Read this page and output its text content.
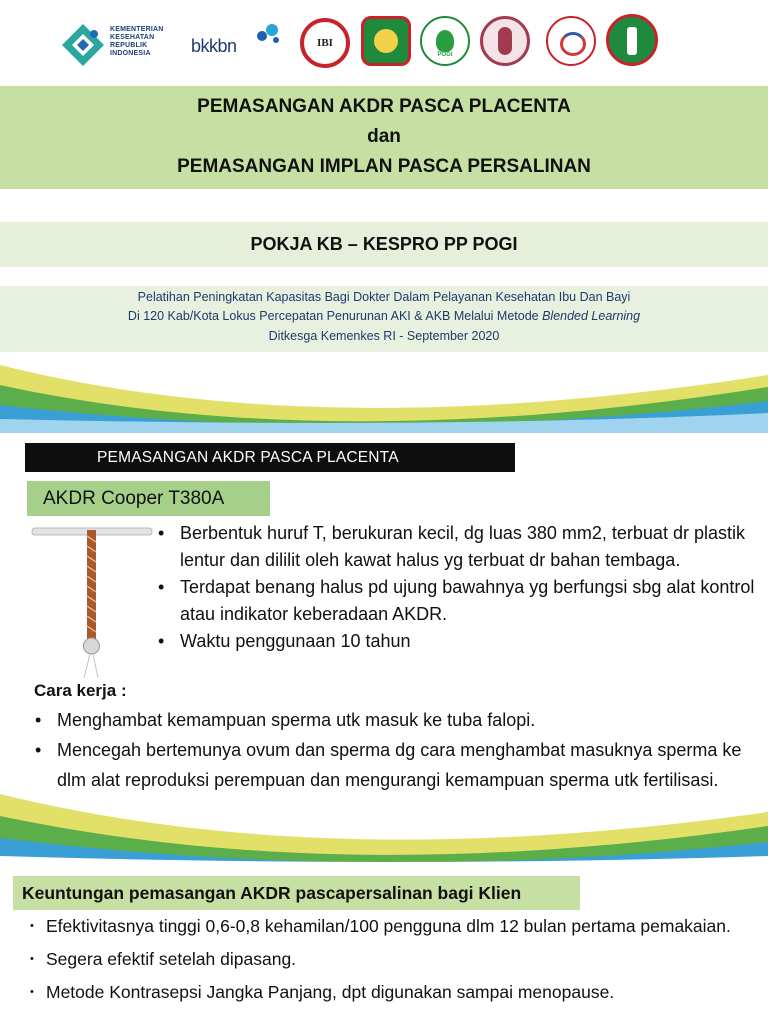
KEMENTERIAN
KESEHATAN
REPUBLIK
INDONESIA	bkkbn	IBI
POGI
PEMASANGAN AKDR PASCA PLACENTA
dan
PEMASANGAN IMPLAN PASCA PERSALINAN
POKJA KB – KESPRO PP POGI
Pelatihan Peningkatan Kapasitas Bagi Dokter Dalam Pelayanan Kesehatan Ibu Dan Bayi
Di 120 Kab/Kota Lokus Percepatan Penurunan AKI & AKB Melalui Metode Blended Learning
Ditkesga Kemenkes RI - September 2020
PEMASANGAN AKDR PASCA PLACENTA
AKDR Cooper T380A
• Berbentuk huruf T, berukuran kecil, dg luas 380 mm2, terbuat dr plastik lentur dan dililit oleh kawat halus yg terbuat dr bahan tembaga.
• Terdapat benang halus pd ujung bawahnya yg berfungsi sbg alat kontrol atau indikator keberadaan AKDR.
• Waktu penggunaan 10 tahun
Cara kerja :
• Menghambat kemampuan sperma utk masuk ke tuba falopi.
• Mencegah bertemunya ovum dan sperma dg cara menghambat masuknya sperma ke dlm alat reproduksi perempuan dan mengurangi kemampuan sperma utk fertilisasi.
Keuntungan pemasangan AKDR pascapersalinan bagi Klien
• Efektivitasnya tinggi 0,6-0,8 kehamilan/100 pengguna dlm 12 bulan pertama pemakaian.
• Segera efektif setelah dipasang.
• Metode Kontrasepsi Jangka Panjang, dpt digunakan sampai menopause.
